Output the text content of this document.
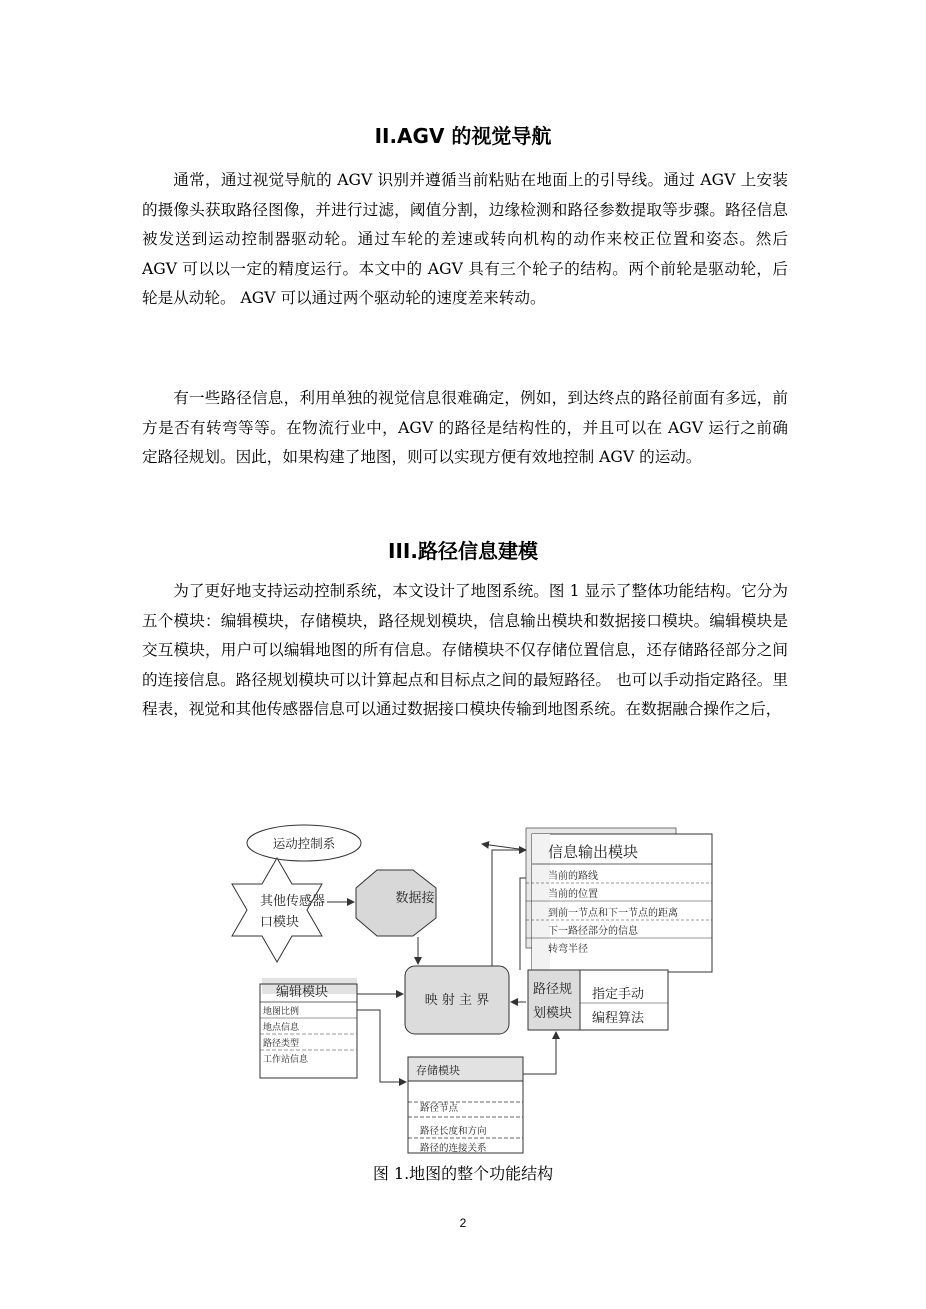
II.AGV 的视觉导航

通常，通过视觉导航的 AGV 识别并遵循当前粘贴在地面上的引导线。通过 AGV 上安装的摄像头获取路径图像，并进行过滤，阈值分割，边缘检测和路径参数提取等步骤。路径信息被发送到运动控制器驱动轮。通过车轮的差速或转向机构的动作来校正位置和姿态。然后 AGV 可以以一定的精度运行。本文中的 AGV 具有三个轮子的结构。两个前轮是驱动轮，后轮是从动轮。 AGV 可以通过两个驱动轮的速度差来转动。

有一些路径信息，利用单独的视觉信息很难确定，例如，到达终点的路径前面有多远，前方是否有转弯等等。在物流行业中，AGV 的路径是结构性的，并且可以在 AGV 运行之前确定路径规划。因此，如果构建了地图，则可以实现方便有效地控制 AGV 的运动。

III.路径信息建模

为了更好地支持运动控制系统，本文设计了地图系统。图 1 显示了整体功能结构。它分为五个模块：编辑模块，存储模块，路径规划模块，信息输出模块和数据接口模块。编辑模块是交互模块，用户可以编辑地图的所有信息。存储模块不仅存储位置信息，还存储路径部分之间的连接信息。路径规划模块可以计算起点和目标点之间的最短路径。 也可以手动指定路径。里程表，视觉和其他传感器信息可以通过数据接口模块传输到地图系统。在数据融合操作之后，

运动控制系
其他传感器
口模块
数据接
信息输出模块
当前的路线
当前的位置
到前一节点和下一节点的距离
下一路径部分的信息
转弯半径
映 射 主 界
编辑模块
地图比例
地点信息
路径类型
工作站信息
路径规
划模块
指定手动
编程算法
存储模块
路径节点
路径长度和方向
路径的连接关系
图 1.地图的整个功能结构
2
